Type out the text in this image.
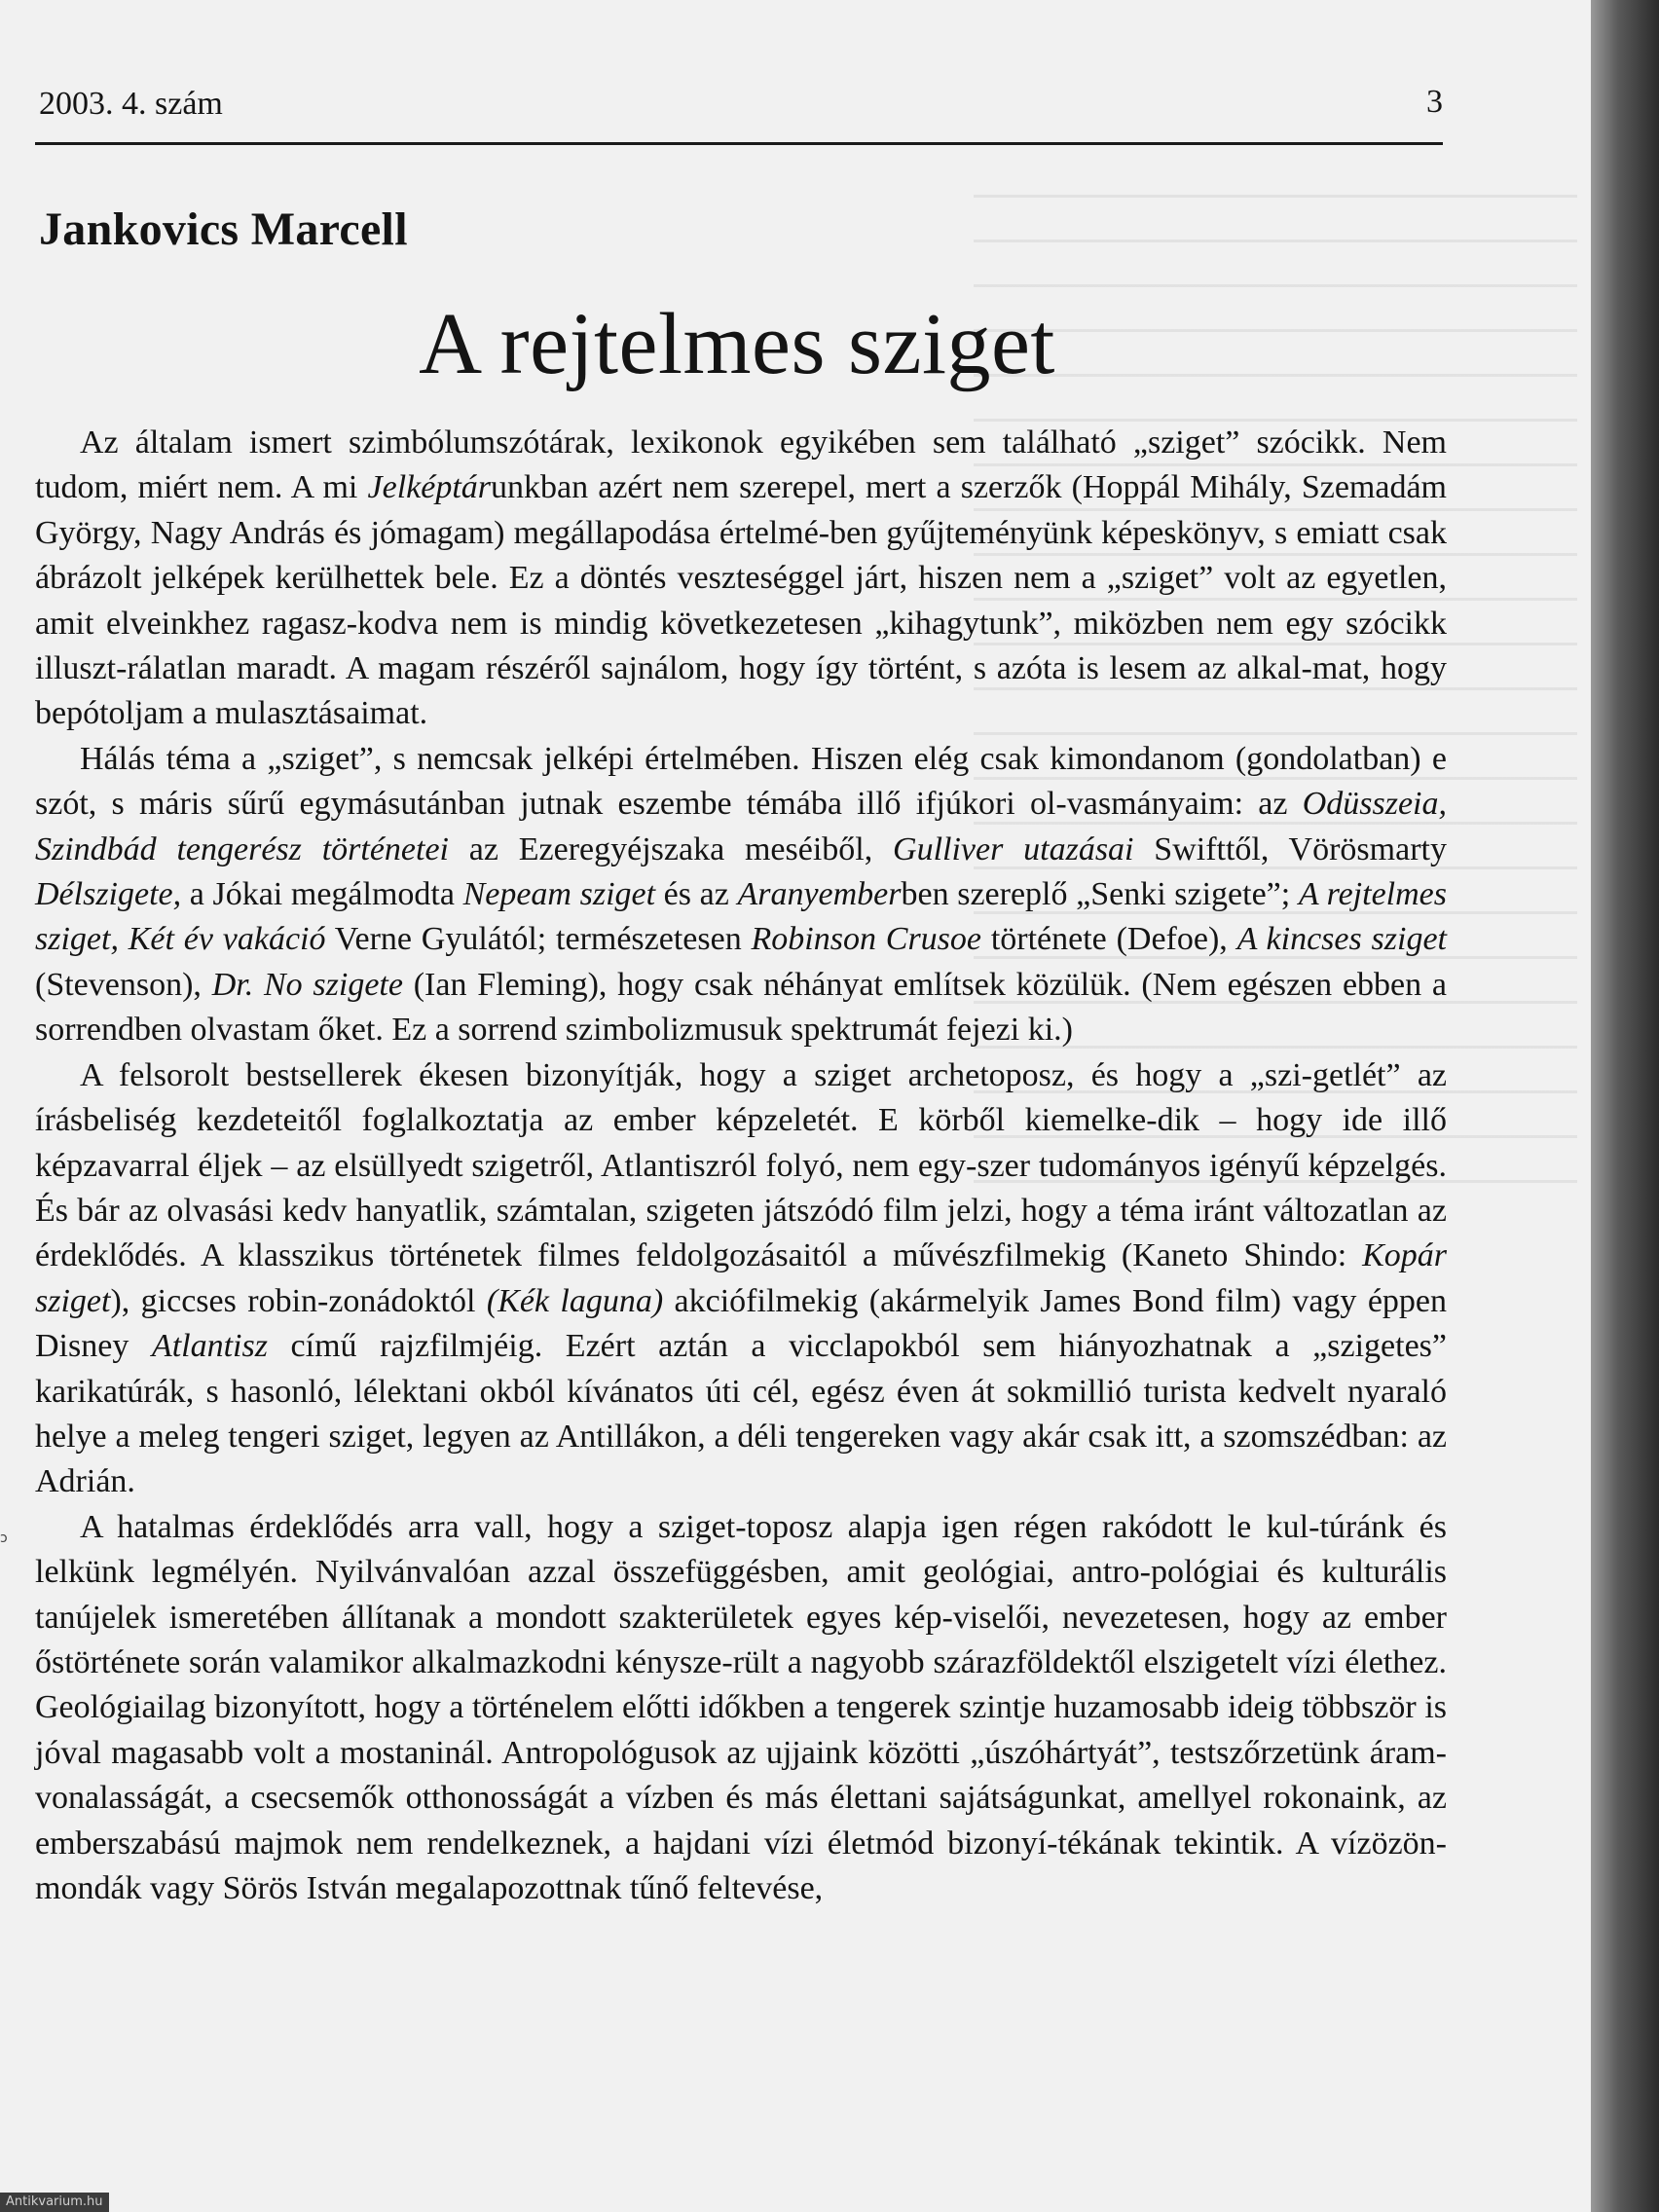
2003. 4. szám	3
Jankovics Marcell
A rejtelmes sziget

Az általam ismert szimbólumszótárak, lexikonok egyikében sem található „sziget” szócikk. Nem tudom, miért nem. A mi Jelképtárunkban azért nem szerepel, mert a szerzők (Hoppál Mihály, Szemadám György, Nagy András és jómagam) megállapodása értelmé-ben gyűjteményünk képeskönyv, s emiatt csak ábrázolt jelképek kerülhettek bele. Ez a döntés veszteséggel járt, hiszen nem a „sziget” volt az egyetlen, amit elveinkhez ragasz-kodva nem is mindig következetesen „kihagytunk”, miközben nem egy szócikk illuszt-rálatlan maradt. A magam részéről sajnálom, hogy így történt, s azóta is lesem az alkal-mat, hogy bepótoljam a mulasztásaimat.

Hálás téma a „sziget”, s nemcsak jelképi értelmében. Hiszen elég csak kimondanom (gondolatban) e szót, s máris sűrű egymásutánban jutnak eszembe témába illő ifjúkori ol-vasmányaim: az Odüsszeia, Szindbád tengerész történetei az Ezeregyéjszaka meséiből, Gulliver utazásai Swifttől, Vörösmarty Délszigete, a Jókai megálmodta Nepeam sziget és az Aranyemberben szereplő „Senki szigete”; A rejtelmes sziget, Két év vakáció Verne Gyulától; természetesen Robinson Crusoe története (Defoe), A kincses sziget (Stevenson), Dr. No szigete (Ian Fleming), hogy csak néhányat említsek közülük. (Nem egészen ebben a sorrendben olvastam őket. Ez a sorrend szimbolizmusuk spektrumát fejezi ki.)

A felsorolt bestsellerek ékesen bizonyítják, hogy a sziget archetoposz, és hogy a „szi-getlét” az írásbeliség kezdeteitől foglalkoztatja az ember képzeletét. E körből kiemelke-dik – hogy ide illő képzavarral éljek – az elsüllyedt szigetről, Atlantiszról folyó, nem egy-szer tudományos igényű képzelgés. És bár az olvasási kedv hanyatlik, számtalan, szigeten játszódó film jelzi, hogy a téma iránt változatlan az érdeklődés. A klasszikus történetek filmes feldolgozásaitól a művészfilmekig (Kaneto Shindo: Kopár sziget), giccses robin-zonádoktól (Kék laguna) akciófilmekig (akármelyik James Bond film) vagy éppen Disney Atlantisz című rajzfilmjéig. Ezért aztán a vicclapokból sem hiányozhatnak a „szigetes” karikatúrák, s hasonló, lélektani okból kívánatos úti cél, egész éven át sokmillió turista kedvelt nyaraló helye a meleg tengeri sziget, legyen az Antillákon, a déli tengereken vagy akár csak itt, a szomszédban: az Adrián.

A hatalmas érdeklődés arra vall, hogy a sziget-toposz alapja igen régen rakódott le kul-túránk és lelkünk legmélyén. Nyilvánvalóan azzal összefüggésben, amit geológiai, antro-pológiai és kulturális tanújelek ismeretében állítanak a mondott szakterületek egyes kép-viselői, nevezetesen, hogy az ember őstörténete során valamikor alkalmazkodni kénysze-rült a nagyobb szárazföldektől elszigetelt vízi élethez. Geológiailag bizonyított, hogy a történelem előtti időkben a tengerek szintje huzamosabb ideig többször is jóval magasabb volt a mostaninál. Antropológusok az ujjaink közötti „úszóhártyát”, testszőrzetünk áram-vonalasságát, a csecsemők otthonosságát a vízben és más élettani sajátságunkat, amellyel rokonaink, az emberszabású majmok nem rendelkeznek, a hajdani vízi életmód bizonyí-tékának tekintik. A vízözön-mondák vagy Sörös István megalapozottnak tűnő feltevése,

ɔ
Antikvarium.hu
